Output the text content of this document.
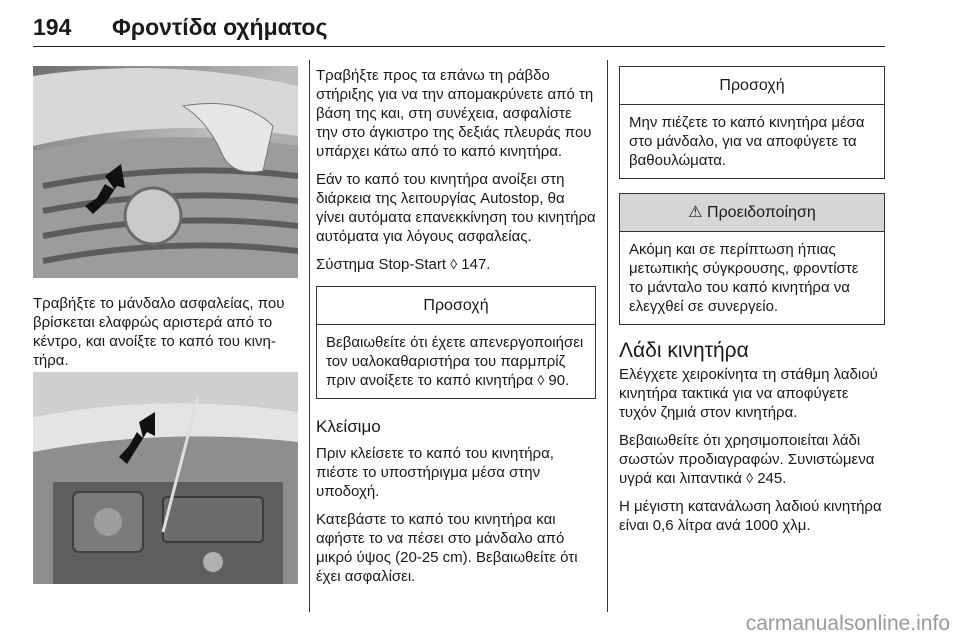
194 Φροντίδα οχήματος

Τραβήξτε το μάνδαλο ασφαλείας, που βρίσκεται ελαφρώς αριστερά από το κέντρο, και ανοίξτε το καπό του κινητήρα.

Τραβήξτε προς τα επάνω τη ράβδο στήριξης για να την απομακρύνετε από τη βάση της και, στη συνέχεια, ασφαλίστε την στο άγκιστρο της δεξιάς πλευράς που υπάρχει κάτω από το καπό κινητήρα.

Εάν το καπό του κινητήρα ανοίξει στη διάρκεια της λειτουργίας Autostop, θα γίνει αυτόματα επανεκκίνηση του κινητήρα αυτόματα για λόγους ασφαλείας.

Σύστημα Stop-Start ◊ 147.

Προσοχή
Βεβαιωθείτε ότι έχετε απενεργοποιήσει τον υαλοκαθαριστήρα του παρμπρίζ πριν ανοίξετε το καπό κινητήρα ◊ 90.
Κλείσιμο

Πριν κλείσετε το καπό του κινητήρα, πιέστε το υποστήριγμα μέσα στην υποδοχή.

Κατεβάστε το καπό του κινητήρα και αφήστε το να πέσει στο μάνδαλο από μικρό ύψος (20-25 cm). Βεβαιωθείτε ότι έχει ασφαλίσει.

Προσοχή
Μην πιέζετε το καπό κινητήρα μέσα στο μάνδαλο, για να αποφύγετε τα βαθουλώματα.
⚠ Προειδοποίηση
Ακόμη και σε περίπτωση ήπιας μετωπικής σύγκρουσης, φροντίστε το μάνταλο του καπό κινητήρα να ελεγχθεί σε συνεργείο.
Λάδι κινητήρα

Ελέγχετε χειροκίνητα τη στάθμη λαδιού κινητήρα τακτικά για να αποφύγετε τυχόν ζημιά στον κινητήρα.

Βεβαιωθείτε ότι χρησιμοποιείται λάδι σωστών προδιαγραφών. Συνιστώμενα υγρά και λιπαντικά ◊ 245.

Η μέγιστη κατανάλωση λαδιού κινητήρα είναι 0,6 λίτρα ανά 1000 χλμ.

carmanualsonline.info
